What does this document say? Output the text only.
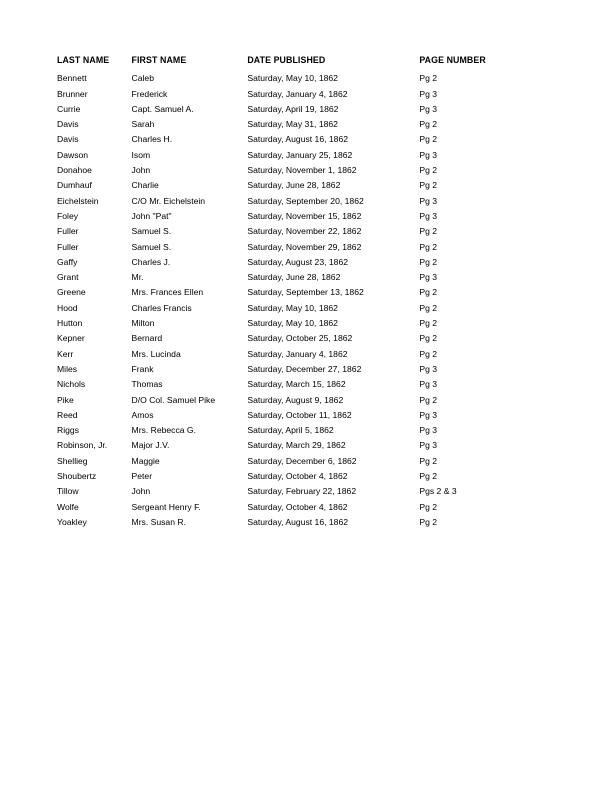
LAST NAME	FIRST NAME	DATE PUBLISHED	PAGE NUMBER
Bennett	Caleb	Saturday, May 10, 1862	Pg 2
Brunner	Frederick	Saturday, January 4, 1862	Pg 3
Currie	Capt. Samuel A.	Saturday, April 19, 1862	Pg 3
Davis	Sarah	Saturday, May 31, 1862	Pg 2
Davis	Charles H.	Saturday, August 16, 1862	Pg 2
Dawson	Isom	Saturday, January 25, 1862	Pg 3
Donahoe	John	Saturday, November 1, 1862	Pg 2
Dumhauf	Charlie	Saturday, June 28, 1862	Pg 2
Eichelstein	C/O Mr. Eichelstein	Saturday, September 20, 1862	Pg 3
Foley	John "Pat"	Saturday, November 15, 1862	Pg 3
Fuller	Samuel S.	Saturday, November 22, 1862	Pg 2
Fuller	Samuel S.	Saturday, November 29, 1862	Pg 2
Gaffy	Charles J.	Saturday, August 23, 1862	Pg 2
Grant	Mr.	Saturday, June 28, 1862	Pg 3
Greene	Mrs. Frances Ellen	Saturday, September 13, 1862	Pg 2
Hood	Charles Francis	Saturday, May 10, 1862	Pg 2
Hutton	Milton	Saturday, May 10, 1862	Pg 2
Kepner	Bernard	Saturday, October 25, 1862	Pg 2
Kerr	Mrs. Lucinda	Saturday, January 4, 1862	Pg 2
Miles	Frank	Saturday, December 27, 1862	Pg 3
Nichols	Thomas	Saturday, March 15, 1862	Pg 3
Pike	D/O Col. Samuel Pike	Saturday, August 9, 1862	Pg 2
Reed	Amos	Saturday, October 11, 1862	Pg 3
Riggs	Mrs. Rebecca G.	Saturday, April 5, 1862	Pg 3
Robinson, Jr.	Major J.V.	Saturday, March 29, 1862	Pg 3
Shellieg	Maggie	Saturday, December 6, 1862	Pg 2
Shoubertz	Peter	Saturday, October 4, 1862	Pg 2
Tillow	John	Saturday, February 22, 1862	Pgs 2 & 3
Wolfe	Sergeant Henry F.	Saturday, October 4, 1862	Pg 2
Yoakley	Mrs. Susan R.	Saturday, August 16, 1862	Pg 2
